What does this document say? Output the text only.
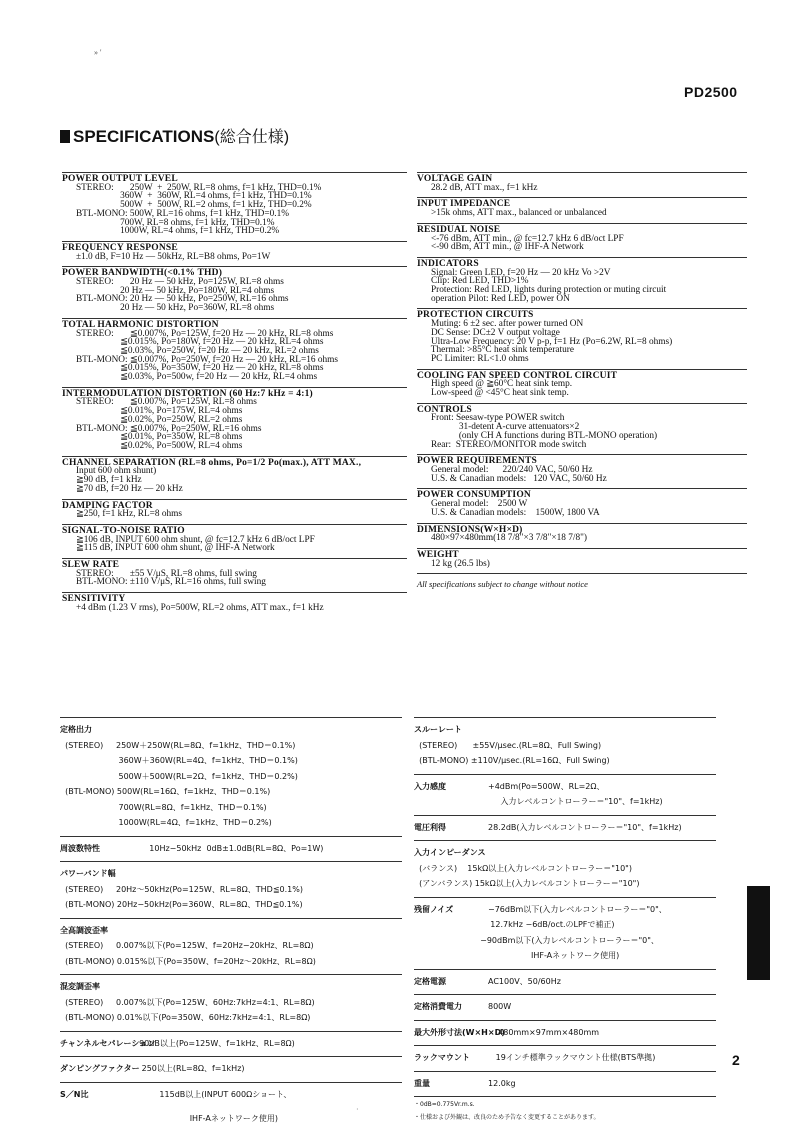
» '
PD2500
SPECIFICATIONS(総合仕様)
POWER OUTPUT LEVEL
STEREO:       250W  +  250W, RL=8 ohms, f=1 kHz, THD=0.1%
360W  +  360W, RL=4 ohms, f=1 kHz, THD=0.1%
500W  +  500W, RL=2 ohms, f=1 kHz, THD=0.2%
BTL-MONO: 500W, RL=16 ohms, f=1 kHz, THD=0.1%
700W, RL=8 ohms, f=1 kHz, THD=0.1%
1000W, RL=4 ohms, f=1 kHz, THD=0.2%
FREQUENCY RESPONSE
±1.0 dB, F=10 Hz — 50kHz, RL=B8 ohms, Po=1W
POWER BANDWIDTH(<0.1% THD)
STEREO:       20 Hz — 50 kHz, Po=125W, RL=8 ohms
20 Hz — 50 kHz, Po=180W, RL=4 ohms
BTL-MONO: 20 Hz — 50 kHz, Po=250W, RL=16 ohms
20 Hz — 50 kHz, Po=360W, RL=8 ohms
TOTAL HARMONIC DISTORTION
STEREO:       ≦0.007%, Po=125W, f=20 Hz — 20 kHz, RL=8 ohms
≦0.015%, Po=180W, f=20 Hz — 20 kHz, RL=4 ohms
≦0.03%, Po=250W, f=20 Hz — 20 kHz, RL=2 ohms
BTL-MONO: ≦0.007%, Po=250W, f=20 Hz — 20 kHz, RL=16 ohms
≦0.015%, Po=350W, f=20 Hz — 20 kHz, RL=8 ohms
≦0.03%, Po=500w, f=20 Hz — 20 kHz, RL=4 ohms
INTERMODULATION DISTORTION (60 Hz:7 kHz = 4:1)
STEREO:       ≦0.007%, Po=125W, RL=8 ohms
≦0.01%, Po=175W, RL=4 ohms
≦0.02%, Po=250W, RL=2 ohms
BTL-MONO: ≦0.007%, Po=250W, RL=16 ohms
≦0.01%, Po=350W, RL=8 ohms
≦0.02%, Po=500W, RL=4 ohms
CHANNEL SEPARATION (RL=8 ohms, Po=1/2 Po(max.), ATT MAX.,
Input 600 ohm shunt)
≧90 dB, f=1 kHz
≧70 dB, f=20 Hz — 20 kHz
DAMPING FACTOR
≧250, f=1 kHz, RL=8 ohms
SIGNAL-TO-NOISE RATIO
≧106 dB, INPUT 600 ohm shunt, @ fc=12.7 kHz 6 dB/oct LPF
≧115 dB, INPUT 600 ohm shunt, @ IHF-A Network
SLEW RATE
STEREO:       ±55 V/μS, RL=8 ohms, full swing
BTL-MONO: ±110 V/μS, RL=16 ohms, full swing
SENSITIVITY
+4 dBm (1.23 V rms), Po=500W, RL=2 ohms, ATT max., f=1 kHz
VOLTAGE GAIN
28.2 dB, ATT max., f=1 kHz
INPUT IMPEDANCE
>15k ohms, ATT max., balanced or unbalanced
RESIDUAL NOISE
<-76 dBm, ATT min., @ fc=12.7 kHz 6 dB/oct LPF
<-90 dBm, ATT min., @ IHF-A Network
INDICATORS
Signal: Green LED, f=20 Hz — 20 kHz Vo >2V
Clip: Red LED, THD>1%
Protection: Red LED, lights during protection or muting circuit
operation Pilot: Red LED, power ON
PROTECTION CIRCUITS
Muting: 6 ±2 sec. after power turned ON
DC Sense: DC±2 V output voltage
Ultra-Low Frequency: 20 V p-p, f=1 Hz (Po=6.2W, RL=8 ohms)
Thermal: >85°C heat sink temperature
PC Limiter: RL<1.0 ohms
COOLING FAN SPEED CONTROL CIRCUIT
High speed @ ≧60°C heat sink temp.
Low-speed @ <45°C heat sink temp.
CONTROLS
Front: Seesaw-type POWER switch
31-detent A-curve attenuators×2
(only CH A functions during BTL-MONO operation)
Rear:  STEREO/MONITOR mode switch
POWER REQUIREMENTS
General model:      220/240 VAC, 50/60 Hz
U.S. & Canadian models:   120 VAC, 50/60 Hz
POWER CONSUMPTION
General model:    2500 W
U.S. & Canadian models:    1500W, 1800 VA
DIMENSIONS(W×H×D)
480×97×480mm(18 7/8"×3 7/8"×18 7/8")
WEIGHT
12 kg (26.5 lbs)
All specifications subject to change without notice
定格出力
(STEREO)     250W＋250W(RL=8Ω、f=1kHz、THD＝0.1%)
360W＋360W(RL=4Ω、f=1kHz、THD＝0.1%)
500W＋500W(RL=2Ω、f=1kHz、THD＝0.2%)
(BTL-MONO) 500W(RL=16Ω、f=1kHz、THD＝0.1%)
700W(RL=8Ω、f=1kHz、THD＝0.1%)
1000W(RL=4Ω、f=1kHz、THD＝0.2%)
周波数特性	10Hz−50kHz  0dB±1.0dB(RL=8Ω、Po=1W)
パワーバンド幅
(STEREO)     20Hz〜50kHz(Po=125W、RL=8Ω、THD≦0.1%)
(BTL-MONO) 20Hz−50kHz(Po=360W、RL=8Ω、THD≦0.1%)
全高調波歪率
(STEREO)     0.007%以下(Po=125W、f=20Hz−20kHz、RL=8Ω)
(BTL-MONO) 0.015%以下(Po=350W、f=20Hz〜20kHz、RL=8Ω)
混変調歪率
(STEREO)     0.007%以下(Po=125W、60Hz:7kHz=4:1、RL=8Ω)
(BTL-MONO) 0.01%以下(Po=350W、60Hz:7kHz=4:1、RL=8Ω)
チャンネルセパレーション
90dB以上(Po=125W、f=1kHz、RL=8Ω)
ダンピングファクター
250以上(RL=8Ω、f=1kHz)
S／N比	115dB以上(INPUT 600Ωショート、
IHF-Aネットワーク使用)
スルーレート
(STEREO)      ±55V/μsec.(RL=8Ω、Full Swing)
(BTL-MONO) ±110V/μsec.(RL=16Ω、Full Swing)
入力感度	+4dBm(Po=500W、RL=2Ω、
入力レベルコントローラー＝"10"、f=1kHz)
電圧利得	28.2dB(入力レベルコントローラー＝"10"、f=1kHz)
入力インピーダンス
(バランス)    15kΩ以上(入力レベルコントローラー＝"10")
(アンバランス) 15kΩ以上(入力レベルコントローラー＝"10")
残留ノイズ	−76dBm以下(入力レベルコントローラー＝"0"、
12.7kHz −6dB/oct.のLPFで補正)
−90dBm以下(入力レベルコントローラー＝"0"、
IHF-Aネットワーク使用)
定格電源	AC100V、50/60Hz
定格消費電力	800W
最大外形寸法(W×H×D)
480mm×97mm×480mm
ラックマウント	19インチ標準ラックマウント仕様(BTS準拠)
重量	12.0kg
・0dB=0.775Vr.m.s.
・仕様および外観は、改良のため予告なく変更することがあります。
2
·
